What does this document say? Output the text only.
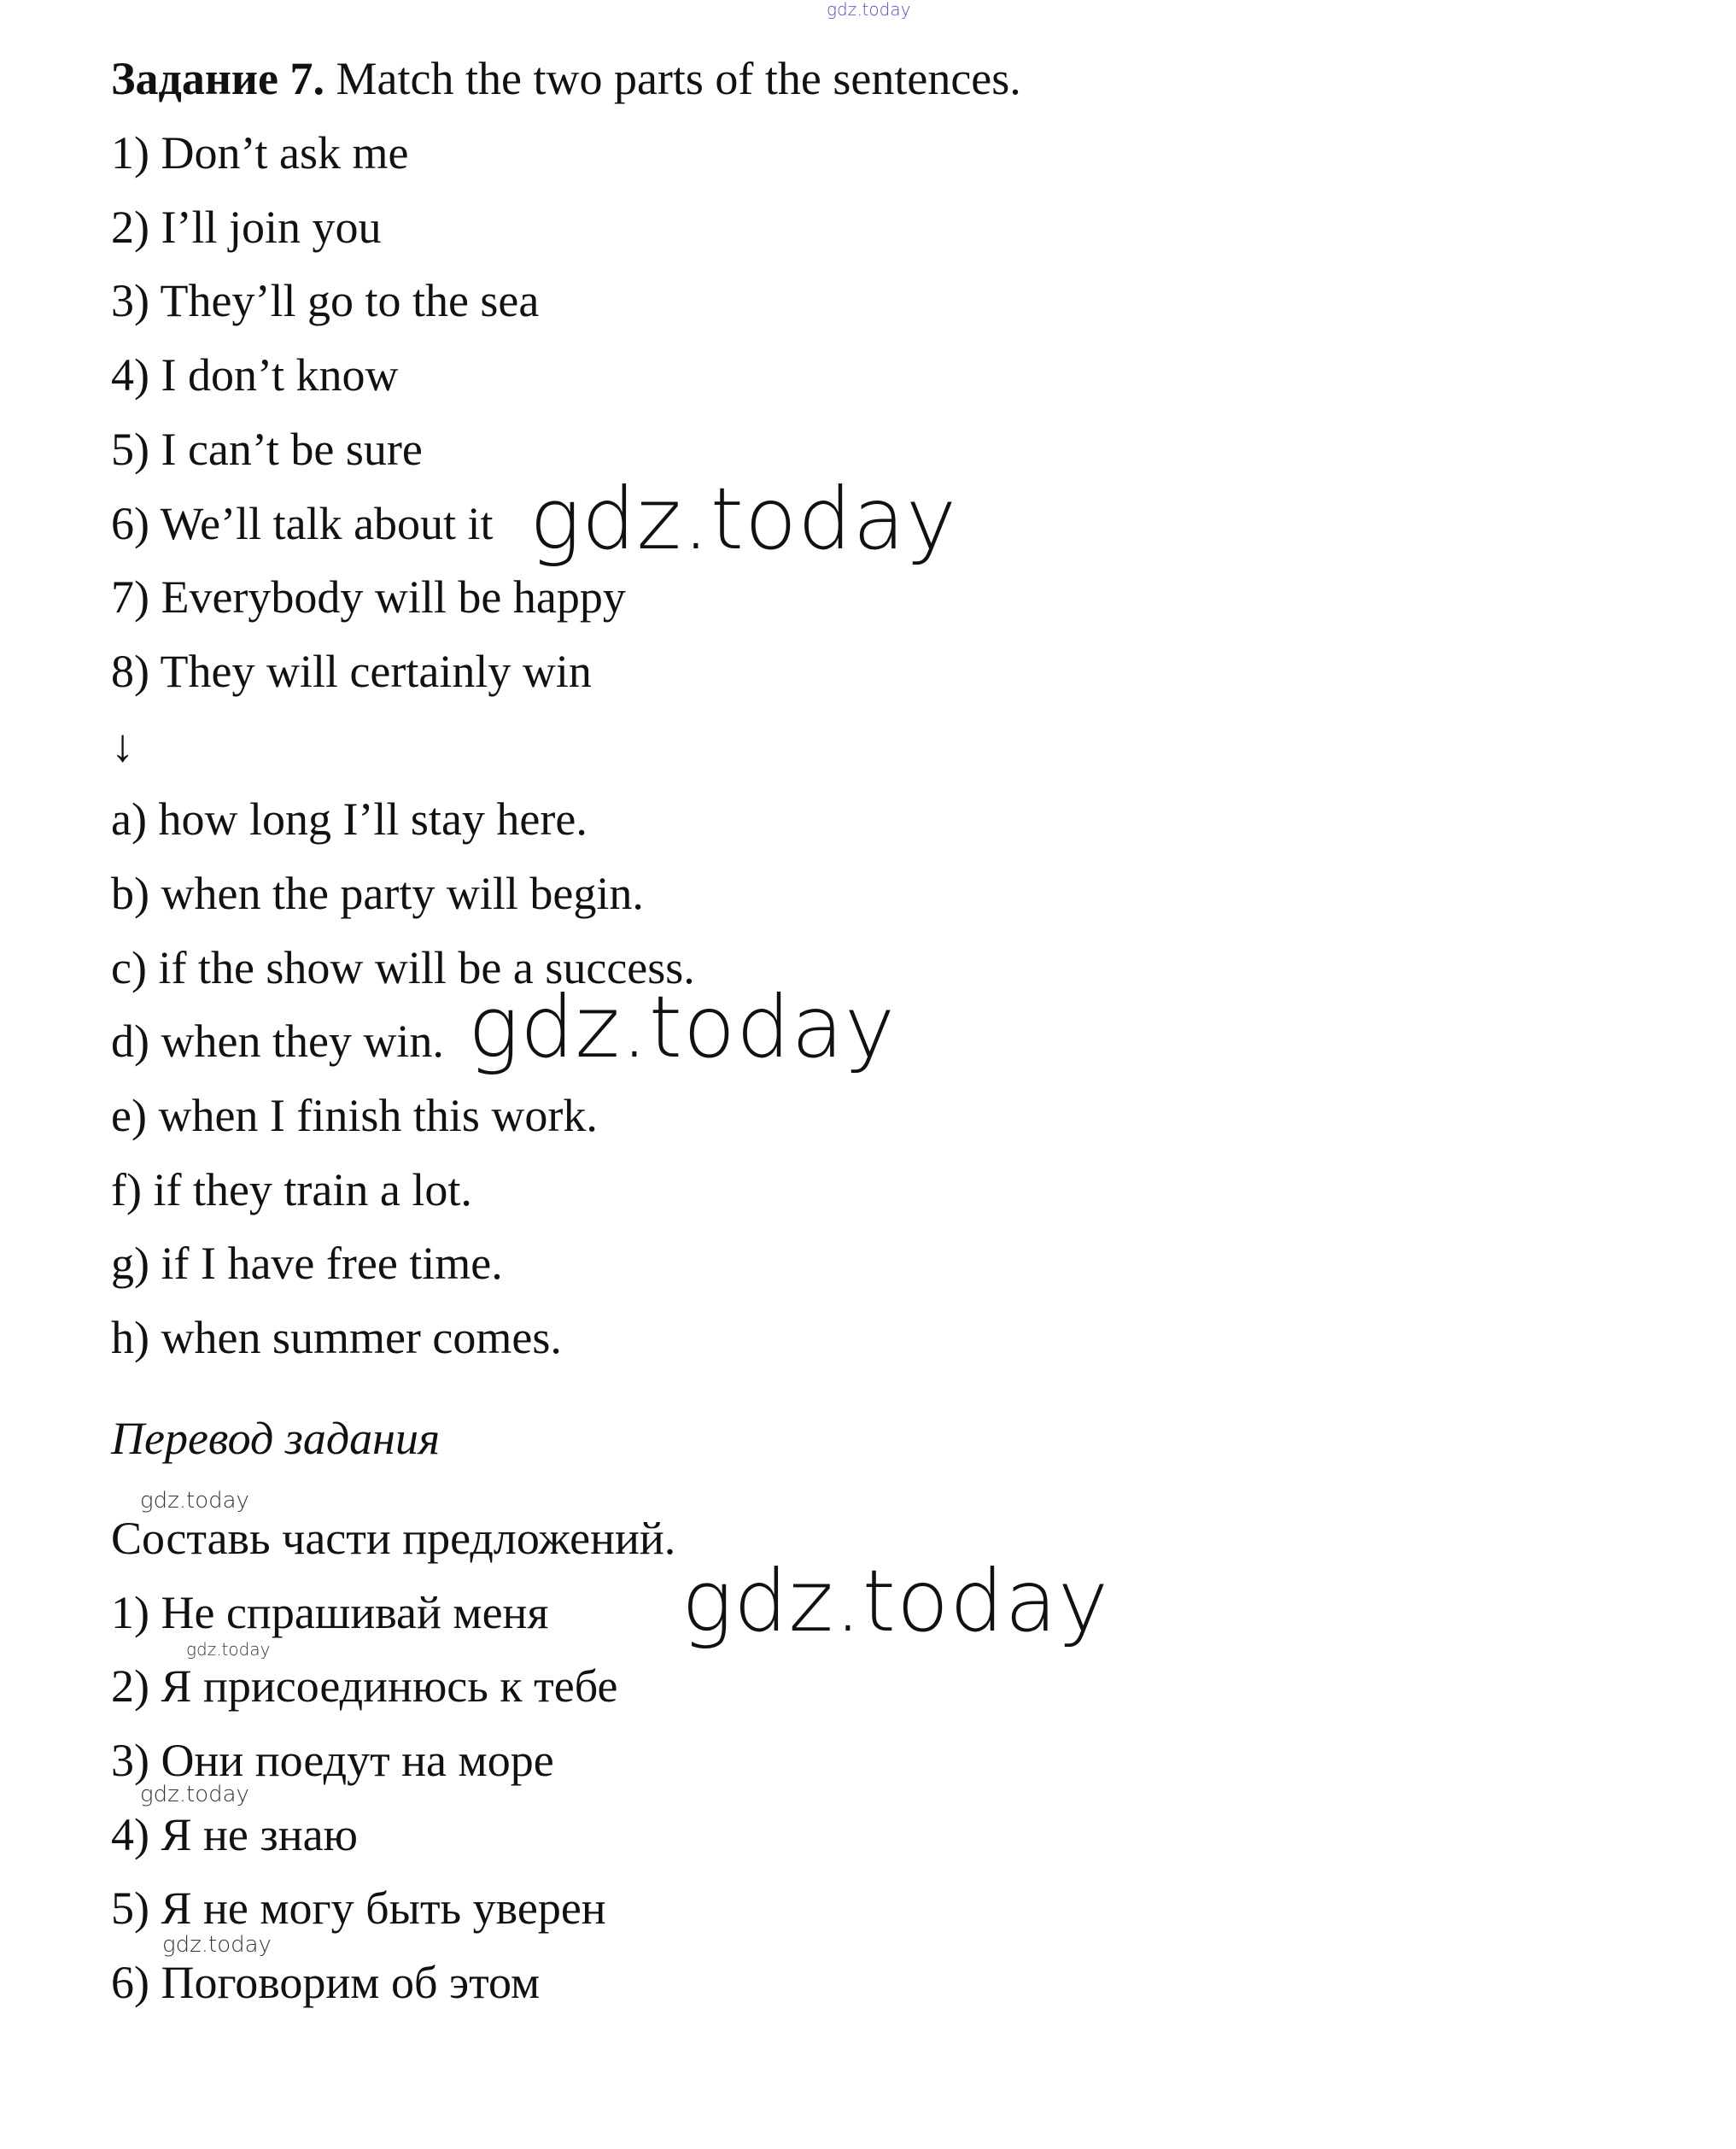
gdz.today
Задание 7. Match the two parts of the sentences.
1) Don’t ask me
2) I’ll join you
3) They’ll go to the sea
4) I don’t know
5) I can’t be sure
6) We’ll talk about it
7) Everybody will be happy
8) They will certainly win
↓
a) how long I’ll stay here.
b) when the party will begin.
c) if the show will be a success.
d) when they win.
e) when I finish this work.
f) if they train a lot.
g) if I have free time.
h) when summer comes.
Перевод задания
Составь части предложений.
1) Не спрашивай меня
2) Я присоединюсь к тебе
3) Они поедут на море
4) Я не знаю
5) Я не могу быть уверен
6) Поговорим об этом
gdz.today
gdz.today
gdz.today
gdz.today
gdz.today
gdz.today
gdz.today
